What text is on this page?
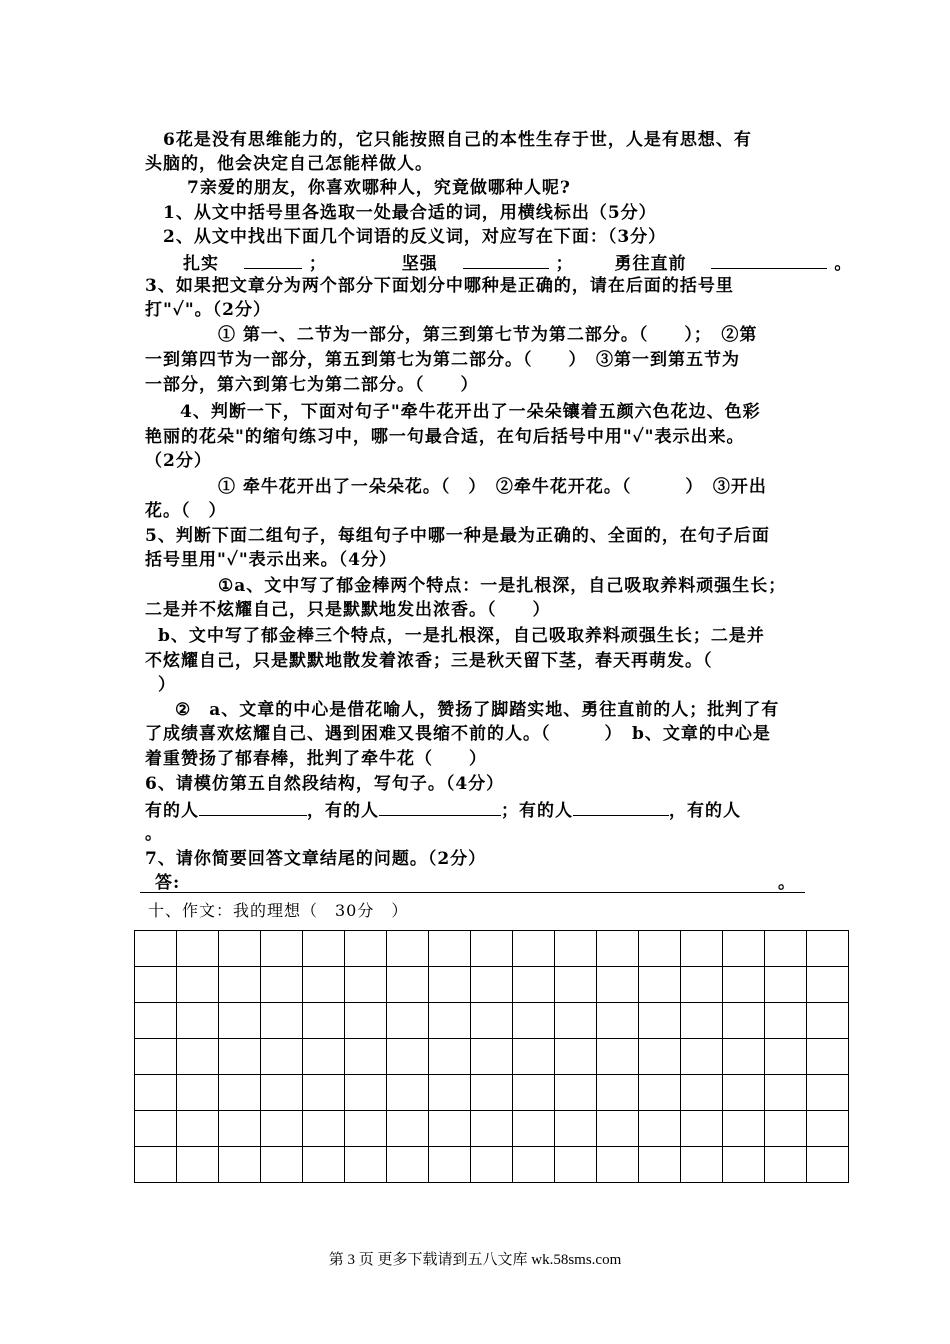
6花是没有思维能力的，它只能按照自己的本性生存于世，人是有思想、有
头脑的，他会决定自己怎能样做人。
7亲爱的朋友，你喜欢哪种人，究竟做哪种人呢?
1、从文中括号里各选取一处最合适的词，用横线标出（5分）
2、从文中找出下面几个词语的反义词，对应写在下面：（3分）
扎实	；	坚强	； 勇往直前	。
3、如果把文章分为两个部分下面划分中哪种是正确的，请在后面的括号里
打"✓"。（2分）
① 第一、二节为一部分，第三到第七节为第二部分。（　　）；　②第
一到第四节为一部分，第五到第七为第二部分。（　　）　③第一到第五节为
一部分，第六到第七为第二部分。（　　）
4、判断一下，下面对句子"牵牛花开出了一朵朵镶着五颜六色花边、色彩
艳丽的花朵"的缩句练习中，哪一句最合适，在句后括号中用"✓"表示出来。
（2分）
① 牵牛花开出了一朵朵花。（　）　②牵牛花开花。（　　　）　③开出
花。（　）
5、判断下面二组句子，每组句子中哪一种是最为正确的、全面的，在句子后面
括号里用"✓"表示出来。（4分）
①a、文中写了郁金棒两个特点：一是扎根深，自己吸取养料顽强生长；
二是并不炫耀自己，只是默默地发出浓香。（　　）
b、文中写了郁金棒三个特点，一是扎根深，自己吸取养料顽强生长；二是并
不炫耀自己，只是默默地散发着浓香；三是秋天留下茎，春天再萌发。（
）
②　a、文章的中心是借花喻人，赞扬了脚踏实地、勇往直前的人；批判了有
了成绩喜欢炫耀自己、遇到困难又畏缩不前的人。（　　　）　b、文章的中心是
着重赞扬了郁春棒，批判了牵牛花（　　）
6、请模仿第五自然段结构，写句子。（4分）
有的人	，有的人	；有的人	，有的人
。
7、请你简要回答文章结尾的问题。（2分）
答:	。
十、作文：我的理想（　30分　）

第 3 页 更多下载请到五八文库 wk.58sms.com
